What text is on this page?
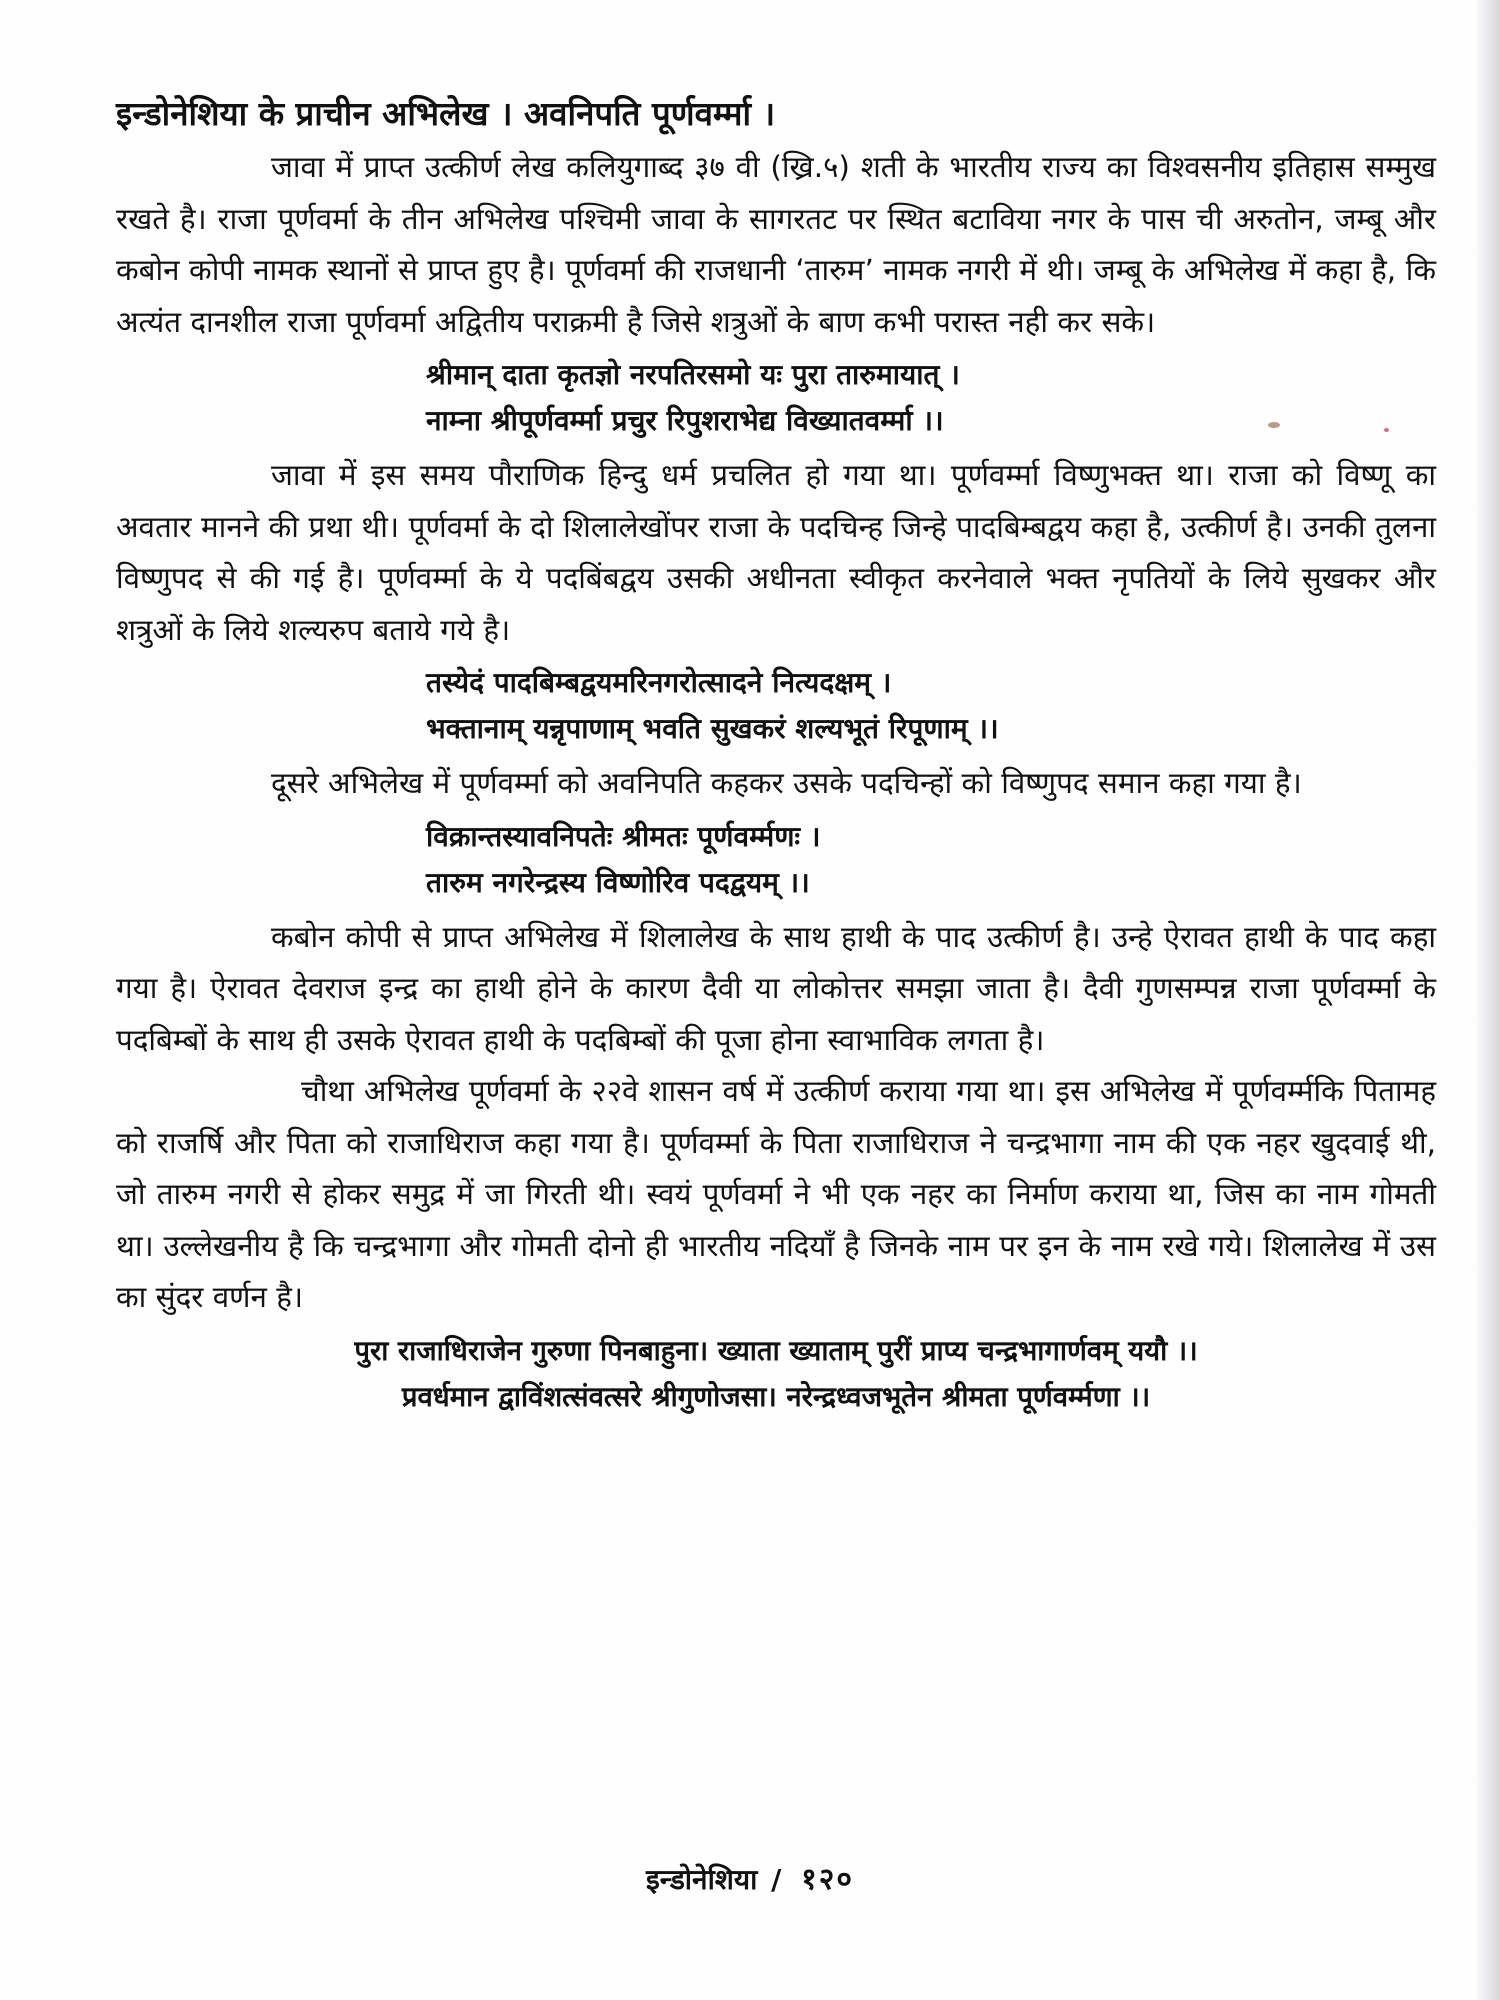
इन्डोनेशिया के प्राचीन अभिलेख । अवनिपति पूर्णवर्म्मा ।

जावा में प्राप्त उत्कीर्ण लेख कलियुगाब्द ३७ वी (ख्रि.५) शती के भारतीय राज्य का विश्वसनीय इतिहास सम्मुख रखते है। राजा पूर्णवर्मा के तीन अभिलेख पश्चिमी जावा के सागरतट पर स्थित बटाविया नगर के पास ची अरुतोन, जम्बू और कबोन कोपी नामक स्थानों से प्राप्त हुए है। पूर्णवर्मा की राजधानी ‘तारुम’ नामक नगरी में थी। जम्बू के अभिलेख में कहा है, कि अत्यंत दानशील राजा पूर्णवर्मा अद्वितीय पराक्रमी है जिसे शत्रुओं के बाण कभी परास्त नही कर सके।

श्रीमान् दाता कृतज्ञो नरपतिरसमो यः पुरा तारुमायात् ।
नाम्ना श्रीपूर्णवर्म्मा प्रचुर रिपुशराभेद्य विख्यातवर्म्मा ।।

जावा में इस समय पौराणिक हिन्दु धर्म प्रचलित हो गया था। पूर्णवर्म्मा विष्णुभक्त था। राजा को विष्णू का अवतार मानने की प्रथा थी। पूर्णवर्मा के दो शिलालेखोंपर राजा के पदचिन्ह जिन्हे पादबिम्बद्वय कहा है, उत्कीर्ण है। उनकी तुलना विष्णुपद से की गई है। पूर्णवर्म्मा के ये पदबिंबद्वय उसकी अधीनता स्वीकृत करनेवाले भक्त नृपतियों के लिये सुखकर और शत्रुओं के लिये शल्यरुप बताये गये है।

तस्येदं पादबिम्बद्वयमरिनगरोत्सादने नित्यदक्षम् ।
भक्तानाम् यन्नृपाणाम् भवति सुखकरं शल्यभूतं रिपूणाम् ।।

दूसरे अभिलेख में पूर्णवर्म्मा को अवनिपति कहकर उसके पदचिन्हों को विष्णुपद समान कहा गया है।

विक्रान्तस्यावनिपतेः श्रीमतः पूर्णवर्म्मणः ।
तारुम नगरेन्द्रस्य विष्णोरिव पदद्वयम् ।।

कबोन कोपी से प्राप्त अभिलेख में शिलालेख के साथ हाथी के पाद उत्कीर्ण है। उन्हे ऐरावत हाथी के पाद कहा गया है। ऐरावत देवराज इन्द्र का हाथी होने के कारण दैवी या लोकोत्तर समझा जाता है। दैवी गुणसम्पन्न राजा पूर्णवर्म्मा के पदबिम्बों के साथ ही उसके ऐरावत हाथी के पदबिम्बों की पूजा होना स्वाभाविक लगता है।

चौथा अभिलेख पूर्णवर्मा के २२वे शासन वर्ष में उत्कीर्ण कराया गया था। इस अभिलेख में पूर्णवर्म्मकि पितामह को राजर्षि और पिता को राजाधिराज कहा गया है। पूर्णवर्म्मा के पिता राजाधिराज ने चन्द्रभागा नाम की एक नहर खुदवाई थी, जो तारुम नगरी से होकर समुद्र में जा गिरती थी। स्वयं पूर्णवर्मा ने भी एक नहर का निर्माण कराया था, जिस का नाम गोमती था। उल्लेखनीय है कि चन्द्रभागा और गोमती दोनो ही भारतीय नदियाँ है जिनके नाम पर इन के नाम रखे गये। शिलालेख में उस का सुंदर वर्णन है।

पुरा राजाधिराजेन गुरुणा पिनबाहुना। ख्याता ख्याताम् पुरीं प्राप्य चन्द्रभागार्णवम् ययौ ।।
प्रवर्धमान द्वाविंशत्संवत्सरे श्रीगुणोजसा। नरेन्द्रध्वजभूतेन श्रीमता पूर्णवर्म्मणा ।।
इन्डोनेशिया / १२०
